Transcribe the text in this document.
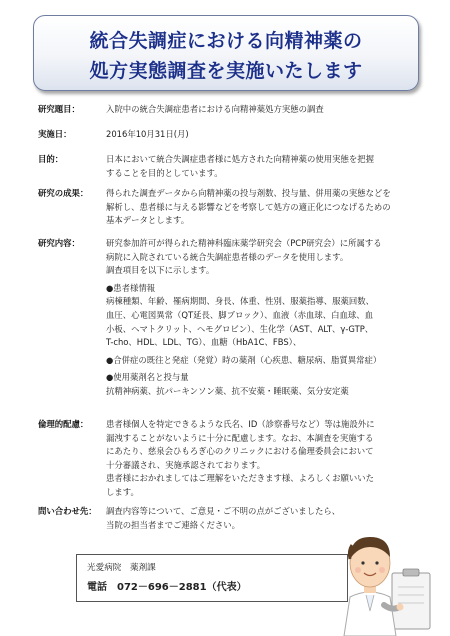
統合失調症における向精神薬の
処方実態調査を実施いたします
研究題目：	入院中の統合失調症患者における向精神薬処方実態の調査
実施日：	2016年10月31日(月)
目的：	日本において統合失調症患者様に処方された向精神薬の使用実態を把握

することを目的としています。

研究の成果： 得られた調査データから向精神薬の投与剤数、投与量、併用薬の実態などを

解析し、患者様に与える影響などを考察して処方の適正化につなげるための

基本データとします。

研究内容：	研究参加許可が得られた精神科臨床薬学研究会（PCP研究会）に所属する

病院に入院されている統合失調症患者様のデータを使用します。

調査項目を以下に示します。

●患者様情報

病棟種類、年齢、罹病期間、身長、体重、性別、服薬指導、服薬回数、

血圧、心電図異常（QT延長、脚ブロック）、血液（赤血球、白血球、血

小板、ヘマトクリット、ヘモグロビン）、生化学（AST、ALT、γ-GTP、

T-cho、HDL、LDL、TG）、血糖（HbA1C、FBS）、

●合併症の既往と発症（発覚）時の薬剤（心疾患、糖尿病、脂質異常症）

●使用薬剤名と投与量

抗精神病薬、抗パーキンソン薬、抗不安薬・睡眠薬、気分安定薬

倫理的配慮： 患者様個人を特定できるような氏名、ID（診察番号など）等は施設外に

漏洩することがないように十分に配慮します。なお、本調査を実施する

にあたり、慈泉会ひもろぎ心のクリニックにおける倫理委員会において

十分審議され、実施承認されております。

患者様におかれましてはご理解をいただきます様、よろしくお願いいた

します。

問い合わせ先： 調査内容等について、ご意見・ご不明の点がございましたら、

当院の担当者までご連絡ください。

光愛病院　薬剤課
電話　072－696－2881（代表）
